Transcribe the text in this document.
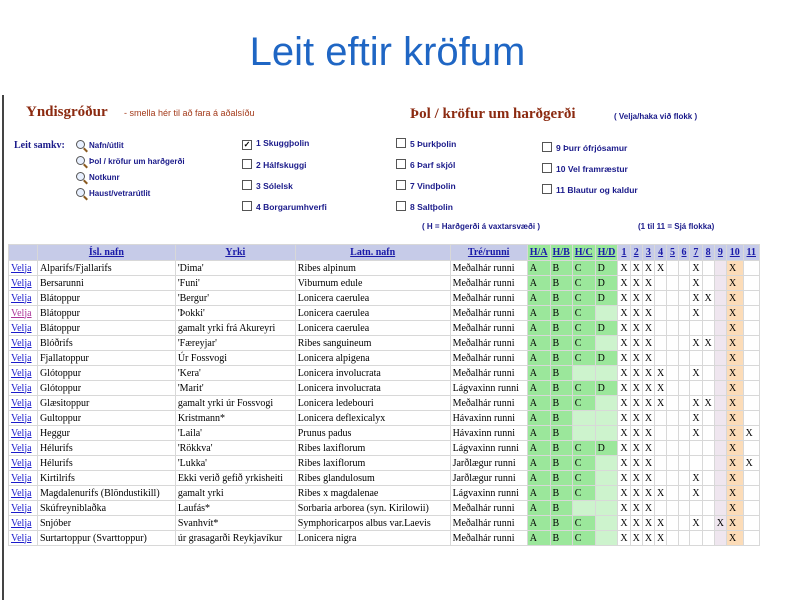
Leit eftir kröfum
Yndisgróður - smella hér til að fara á aðalsíðu	Þol / kröfur um harðgerði	( Velja/haka við flokk )
Leit samkv:	Nafn/útlit
Þol / kröfur um harðgerði
Notkunr
Haust/vetrarútlit
✓ 1 Skuggþolin
2 Hálfskuggi
3 Sólelsk
4 Borgarumhverfi
5 Þurkþolin
6 Þarf skjól
7 Vindþolin
8 Saltþolin
9 Þurr ófrjósamur
10 Vel framræstur
11 Blautur og kaldur
( H = Harðgerði á vaxtarsvæði )	(1 til 11 = Sjá flokka)
	Ísl. nafn	Yrki	Latn. nafn	Tré/runni	H/A	H/B	H/C	H/D	1	2	3	4	5	6	7	8	9	10	11
Velja	Alparifs/Fjallarifs	'Dima'	Ribes alpinum	Meðalhár runni	A	B	C	D	X	X	X	X			X			X	
Velja	Bersarunni	'Funi'	Viburnum edule	Meðalhár runni	A	B	C	D	X	X	X				X			X	
Velja	Blátoppur	'Bergur'	Lonicera caerulea	Meðalhár runni	A	B	C	D	X	X	X				X	X		X	
Velja	Blátoppur	'Þokki'	Lonicera caerulea	Meðalhár runni	A	B	C		X	X	X				X			X	
Velja	Blátoppur	gamalt yrki frá Akureyri	Lonicera caerulea	Meðalhár runni	A	B	C	D	X	X	X							X	
Velja	Blóðrifs	'Færeyjar'	Ribes sanguineum	Meðalhár runni	A	B	C		X	X	X				X	X		X	
Velja	Fjallatoppur	Úr Fossvogi	Lonicera alpigena	Meðalhár runni	A	B	C	D	X	X	X							X	
Velja	Glótoppur	'Kera'	Lonicera involucrata	Meðalhár runni	A	B			X	X	X	X			X			X	
Velja	Glótoppur	'Marit'	Lonicera involucrata	Lágvaxinn runni	A	B	C	D	X	X	X	X						X	
Velja	Glæsitoppur	gamalt yrki úr Fossvogi	Lonicera ledebouri	Meðalhár runni	A	B	C		X	X	X	X			X	X		X	
Velja	Gultoppur	Kristmann*	Lonicera deflexicalyx	Hávaxinn runni	A	B			X	X	X				X			X	
Velja	Heggur	'Laila'	Prunus padus	Hávaxinn runni	A	B			X	X	X				X			X	X
Velja	Hélurifs	'Rökkva'	Ribes laxiflorum	Lágvaxinn runni	A	B	C	D	X	X	X							X	
Velja	Hélurifs	'Lukka'	Ribes laxiflorum	Jarðlægur runni	A	B	C		X	X	X							X	X
Velja	Kirtilrifs	Ekki verið gefið yrkisheiti	Ribes glandulosum	Jarðlægur runni	A	B	C		X	X	X				X			X	
Velja	Magdalenurifs (Blöndustikill)	gamalt yrki	Ribes x magdalenae	Lágvaxinn runni	A	B	C		X	X	X	X			X			X	
Velja	Skúfreyniblaðka	Laufás*	Sorbaria arborea (syn. Kirilowii)	Meðalhár runni	A	B			X	X	X							X	
Velja	Snjóber	Svanhvít*	Symphoricarpos albus var.Laevis	Meðalhár runni	A	B	C		X	X	X	X			X		X	X	
Velja	Surtartoppur (Svarttoppur)	úr grasagarði Reykjavíkur	Lonicera nigra	Meðalhár runni	A	B	C		X	X	X	X						X	
